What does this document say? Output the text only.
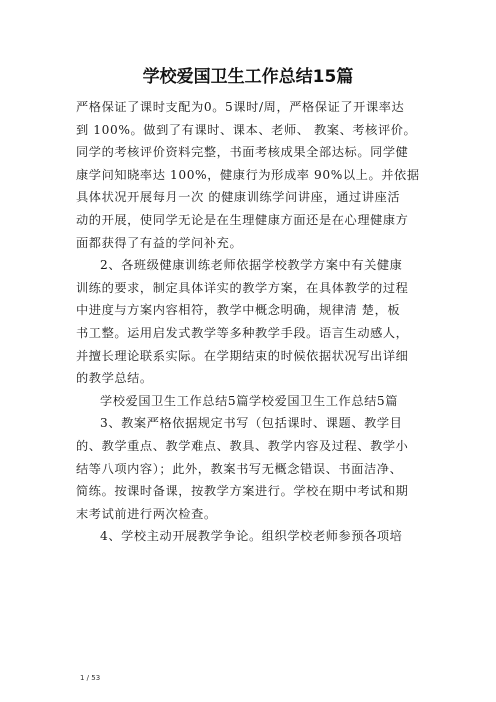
学校爱国卫生工作总结15篇
严格保证了课时支配为0。5课时/周，严格保证了开课率达
到 100%。做到了有课时、课本、老师、 教案、考核评价。
同学的考核评价资料完整，书面考核成果全部达标。同学健
康学问知晓率达 100%，健康行为形成率 90%以上。并依据
具体状况开展每月一次 的健康训练学问讲座，通过讲座活
动的开展，使同学无论是在生理健康方面还是在心理健康方
面都获得了有益的学问补充。
2、各班级健康训练老师依据学校教学方案中有关健康
训练的要求，制定具体详实的教学方案，在具体教学的过程
中进度与方案内容相符，教学中概念明确，规律清 楚，板
书工整。运用启发式教学等多种教学手段。语言生动感人，
并擅长理论联系实际。在学期结束的时候依据状况写出详细
的教学总结。
学校爱国卫生工作总结5篇学校爱国卫生工作总结5篇
3、教案严格依据规定书写（包括课时、课题、教学目
的、教学重点、教学难点、教具、教学内容及过程、教学小
结等八项内容）；此外，教案书写无概念错误、书面洁净、
简练。按课时备课，按教学方案进行。学校在期中考试和期
末考试前进行两次检查。
4、学校主动开展教学争论。组织学校老师参预各项培
1 / 53
